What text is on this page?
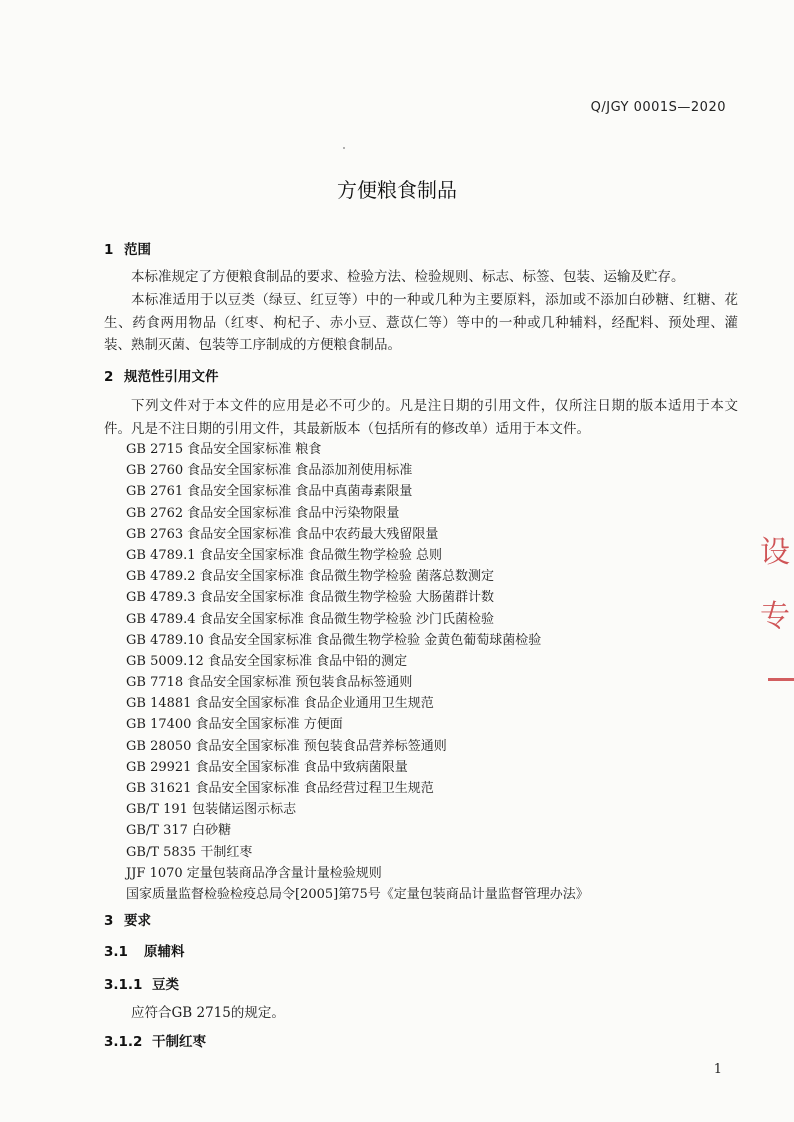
Q/JGY 0001S—2020
方便粮食制品
1 范围
本标准规定了方便粮食制品的要求、检验方法、检验规则、标志、标签、包装、运输及贮存。
本标准适用于以豆类（绿豆、红豆等）中的一种或几种为主要原料，添加或不添加白砂糖、红糖、花生、药食两用物品（红枣、枸杞子、赤小豆、薏苡仁等）等中的一种或几种辅料，经配料、预处理、灌装、熟制灭菌、包装等工序制成的方便粮食制品。
2 规范性引用文件
下列文件对于本文件的应用是必不可少的。凡是注日期的引用文件，仅所注日期的版本适用于本文件。凡是不注日期的引用文件，其最新版本（包括所有的修改单）适用于本文件。
GB 2715 食品安全国家标准 粮食
GB 2760 食品安全国家标准 食品添加剂使用标准
GB 2761 食品安全国家标准 食品中真菌毒素限量
GB 2762 食品安全国家标准 食品中污染物限量
GB 2763 食品安全国家标准 食品中农药最大残留限量
GB 4789.1 食品安全国家标准 食品微生物学检验 总则
GB 4789.2 食品安全国家标准 食品微生物学检验 菌落总数测定
GB 4789.3 食品安全国家标准 食品微生物学检验 大肠菌群计数
GB 4789.4 食品安全国家标准 食品微生物学检验 沙门氏菌检验
GB 4789.10 食品安全国家标准 食品微生物学检验 金黄色葡萄球菌检验
GB 5009.12 食品安全国家标准 食品中铅的测定
GB 7718 食品安全国家标准 预包装食品标签通则
GB 14881 食品安全国家标准 食品企业通用卫生规范
GB 17400 食品安全国家标准 方便面
GB 28050 食品安全国家标准 预包装食品营养标签通则
GB 29921 食品安全国家标准 食品中致病菌限量
GB 31621 食品安全国家标准 食品经营过程卫生规范
GB/T 191 包装储运图示标志
GB/T 317 白砂糖
GB/T 5835 干制红枣
JJF 1070 定量包装商品净含量计量检验规则
国家质量监督检验检疫总局令[2005]第75号《定量包装商品计量监督管理办法》
3 要求
3.1 原辅料
3.1.1 豆类
应符合GB 2715的规定。
3.1.2 干制红枣
1
设
专
